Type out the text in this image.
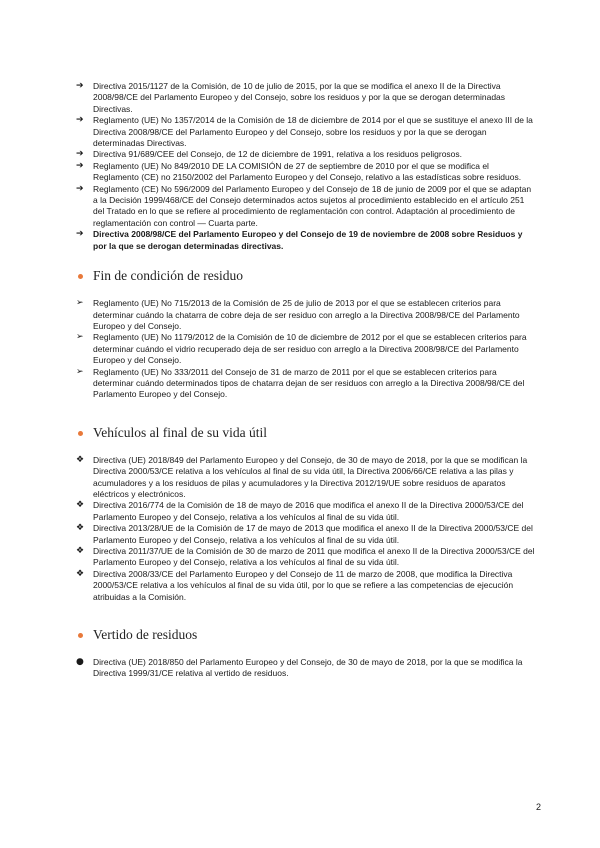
➔	Directiva 2015/1127 de la Comisión, de 10 de julio de 2015, por la que se modifica el anexo II de la Directiva 2008/98/CE del Parlamento Europeo y del Consejo, sobre los residuos y por la que se derogan determinadas Directivas.
➔	Reglamento (UE) No 1357/2014 de la Comisión de 18 de diciembre de 2014 por el que se sustituye el anexo III de la Directiva 2008/98/CE del Parlamento Europeo y del Consejo, sobre los residuos y por la que se derogan determinadas Directivas.
➔	Directiva 91/689/CEE del Consejo, de 12 de diciembre de 1991, relativa a los residuos peligrosos.
➔	Reglamento (UE) No 849/2010 DE LA COMISIÓN de 27 de septiembre de 2010 por el que se modifica el Reglamento (CE) no 2150/2002 del Parlamento Europeo y del Consejo, relativo a las estadísticas sobre residuos.
➔	Reglamento (CE) No 596/2009 del Parlamento Europeo y del Consejo de 18 de junio de 2009 por el que se adaptan a la Decisión 1999/468/CE del Consejo determinados actos sujetos al procedimiento establecido en el artículo 251 del Tratado en lo que se refiere al procedimiento de reglamentación con control. Adaptación al procedimiento de reglamentación con control — Cuarta parte.
➔	Directiva 2008/98/CE del Parlamento Europeo y del Consejo de 19 de noviembre de 2008 sobre Residuos y por la que se derogan determinadas directivas.
Fin de condición de residuo
➢	Reglamento (UE) No 715/2013 de la Comisión de 25 de julio de 2013 por el que se establecen criterios para determinar cuándo la chatarra de cobre deja de ser residuo con arreglo a la Directiva 2008/98/CE del Parlamento Europeo y del Consejo.
➢	Reglamento (UE) No 1179/2012 de la Comisión de 10 de diciembre de 2012 por el que se establecen criterios para determinar cuándo el vidrio recuperado deja de ser residuo con arreglo a la Directiva 2008/98/CE del Parlamento Europeo y del Consejo.
➢	Reglamento (UE) No 333/2011 del Consejo de 31 de marzo de 2011 por el que se establecen criterios para determinar cuándo determinados tipos de chatarra dejan de ser residuos con arreglo a la Directiva 2008/98/CE del Parlamento Europeo y del Consejo.
Vehículos al final de su vida útil
❖	Directiva (UE) 2018/849 del Parlamento Europeo y del Consejo, de 30 de mayo de 2018, por la que se modifican la Directiva 2000/53/CE relativa a los vehículos al final de su vida útil, la Directiva 2006/66/CE relativa a las pilas y acumuladores y a los residuos de pilas y acumuladores y la Directiva 2012/19/UE sobre residuos de aparatos eléctricos y electrónicos.
❖	Directiva 2016/774 de la Comisión de 18 de mayo de 2016 que modifica el anexo II de la Directiva 2000/53/CE del Parlamento Europeo y del Consejo, relativa a los vehículos al final de su vida útil.
❖	Directiva 2013/28/UE de la Comisión de 17 de mayo de 2013 que modifica el anexo II de la Directiva 2000/53/CE del Parlamento Europeo y del Consejo, relativa a los vehículos al final de su vida útil.
❖	Directiva 2011/37/UE de la Comisión de 30 de marzo de 2011 que modifica el anexo II de la Directiva 2000/53/CE del Parlamento Europeo y del Consejo, relativa a los vehículos al final de su vida útil.
❖	Directiva 2008/33/CE del Parlamento Europeo y del Consejo de 11 de marzo de 2008, que modifica la Directiva 2000/53/CE relativa a los vehículos al final de su vida útil, por lo que se refiere a las competencias de ejecución atribuidas a la Comisión.
Vertido de residuos
●	Directiva (UE) 2018/850 del Parlamento Europeo y del Consejo, de 30 de mayo de 2018, por la que se modifica la Directiva 1999/31/CE relativa al vertido de residuos.
2
